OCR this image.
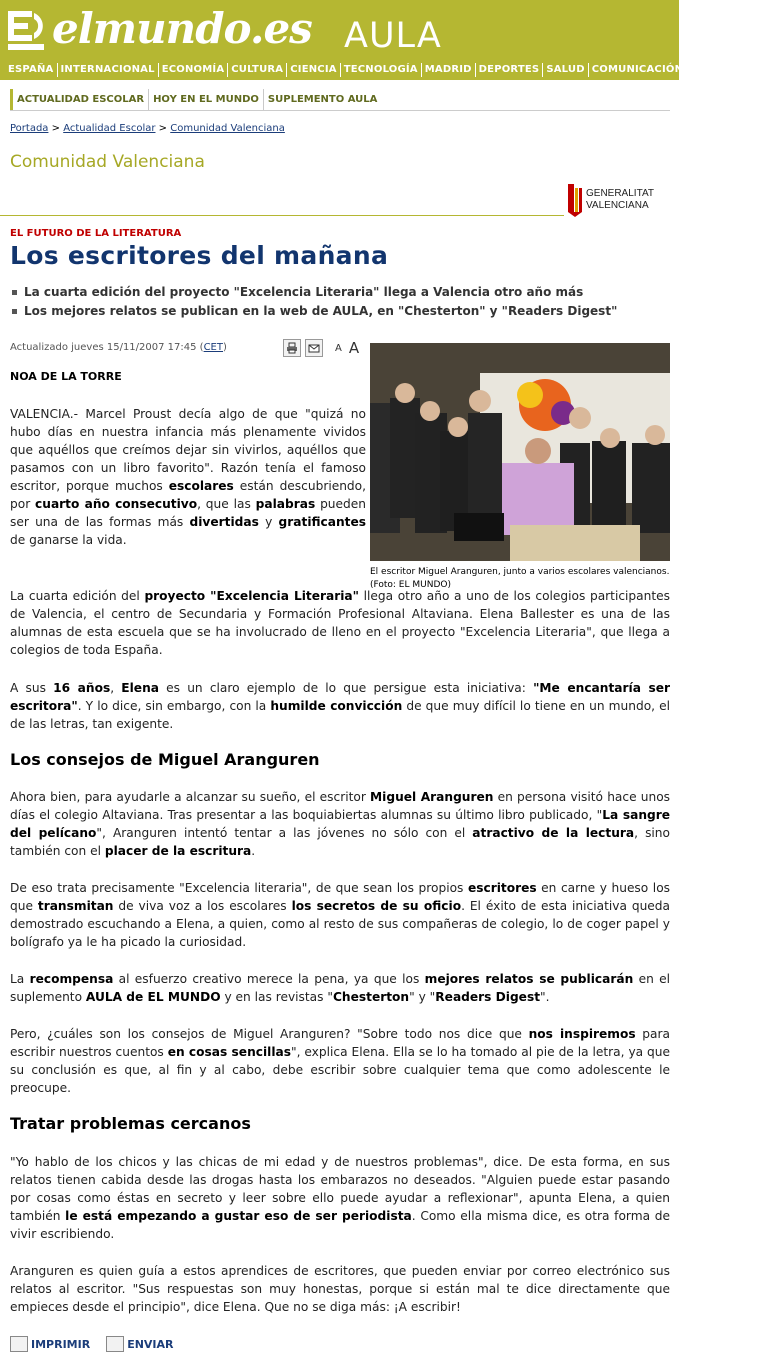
elmundo.es AULA
ESPAÑA INTERNACIONAL ECONOMÍA CULTURA CIENCIA TECNOLOGÍA MADRID DEPORTES SALUD COMUNICACIÓN TELEVISIÓN
ACTUALIDAD ESCOLAR HOY EN EL MUNDO SUPLEMENTO AULA
Portada > Actualidad Escolar > Comunidad Valenciana
Comunidad Valenciana
GENERALITAT
VALENCIANA
EL FUTURO DE LA LITERATURA
Los escritores del mañana
La cuarta edición del proyecto "Excelencia Literaria" llega a Valencia otro año más
Los mejores relatos se publican en la web de AULA, en "Chesterton" y "Readers Digest"
Actualizado jueves 15/11/2007 17:45 (CET)	A A
El escritor Miguel Aranguren, junto a varios escolares valencianos. (Foto: EL MUNDO)
NOA DE LA TORRE
VALENCIA.- Marcel Proust decía algo de que "quizá no hubo días en nuestra infancia más plenamente vividos que aquéllos que creímos dejar sin vivirlos, aquéllos que pasamos con un libro favorito". Razón tenía el famoso escritor, porque muchos escolares están descubriendo, por cuarto año consecutivo, que las palabras pueden ser una de las formas más divertidas y gratificantes de ganarse la vida.
La cuarta edición del proyecto "Excelencia Literaria" llega otro año a uno de los colegios participantes de Valencia, el centro de Secundaria y Formación Profesional Altaviana. Elena Ballester es una de las alumnas de esta escuela que se ha involucrado de lleno en el proyecto "Excelencia Literaria", que llega a colegios de toda España.
A sus 16 años, Elena es un claro ejemplo de lo que persigue esta iniciativa: "Me encantaría ser escritora". Y lo dice, sin embargo, con la humilde convicción de que muy difícil lo tiene en un mundo, el de las letras, tan exigente.
Los consejos de Miguel Aranguren
Ahora bien, para ayudarle a alcanzar su sueño, el escritor Miguel Aranguren en persona visitó hace unos días el colegio Altaviana. Tras presentar a las boquiabiertas alumnas su último libro publicado, "La sangre del pelícano", Aranguren intentó tentar a las jóvenes no sólo con el atractivo de la lectura, sino también con el placer de la escritura.
De eso trata precisamente "Excelencia literaria", de que sean los propios escritores en carne y hueso los que transmitan de viva voz a los escolares los secretos de su oficio. El éxito de esta iniciativa queda demostrado escuchando a Elena, a quien, como al resto de sus compañeras de colegio, lo de coger papel y bolígrafo ya le ha picado la curiosidad.
La recompensa al esfuerzo creativo merece la pena, ya que los mejores relatos se publicarán en el suplemento AULA de EL MUNDO y en las revistas "Chesterton" y "Readers Digest".
Pero, ¿cuáles son los consejos de Miguel Aranguren? "Sobre todo nos dice que nos inspiremos para escribir nuestros cuentos en cosas sencillas", explica Elena. Ella se lo ha tomado al pie de la letra, ya que su conclusión es que, al fin y al cabo, debe escribir sobre cualquier tema que como adolescente le preocupe.
Tratar problemas cercanos
"Yo hablo de los chicos y las chicas de mi edad y de nuestros problemas", dice. De esta forma, en sus relatos tienen cabida desde las drogas hasta los embarazos no deseados. "Alguien puede estar pasando por cosas como éstas en secreto y leer sobre ello puede ayudar a reflexionar", apunta Elena, a quien también le está empezando a gustar eso de ser periodista. Como ella misma dice, es otra forma de vivir escribiendo.
Aranguren es quien guía a estos aprendices de escritores, que pueden enviar por correo electrónico sus relatos al escritor. "Sus respuestas son muy honestas, porque si están mal te dice directamente que empieces desde el principio", dice Elena. Que no se diga más: ¡A escribir!
IMPRIMIR	ENVIAR
